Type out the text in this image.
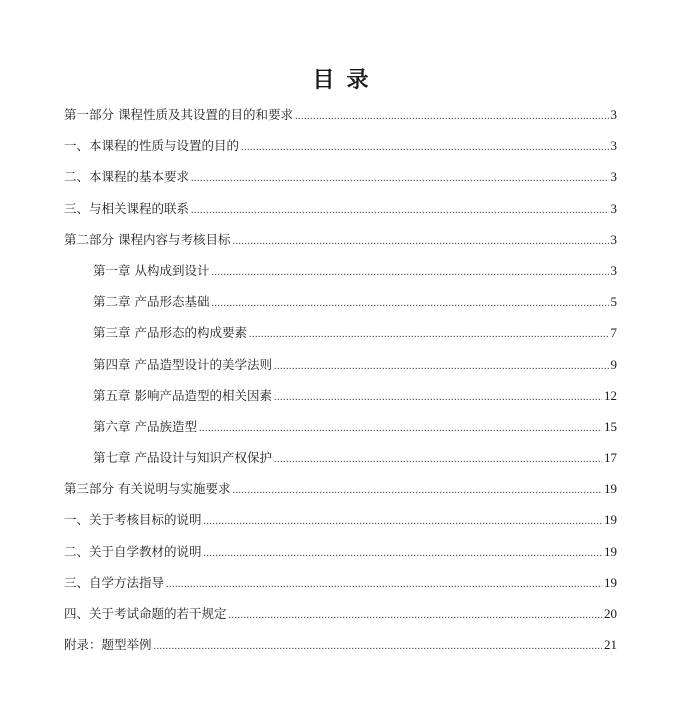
目录
第一部分 课程性质及其设置的目的和要求 .....	3
一、本课程的性质与设置的目的 .....	3
二、本课程的基本要求 .....	3
三、与相关课程的联系 .....	3
第二部分 课程内容与考核目标 .....	3
第一章 从构成到设计 .....	3
第二章 产品形态基础 .....	5
第三章 产品形态的构成要素 .....	7
第四章 产品造型设计的美学法则 .....	9
第五章 影响产品造型的相关因素 .....	12
第六章 产品族造型 .....	15
第七章 产品设计与知识产权保护 .....	17
第三部分 有关说明与实施要求 .....	19
一、关于考核目标的说明 .....	19
二、关于自学教材的说明 .....	19
三、自学方法指导 .....	19
四、关于考试命题的若干规定 .....	20
附录：题型举例 .....	21
